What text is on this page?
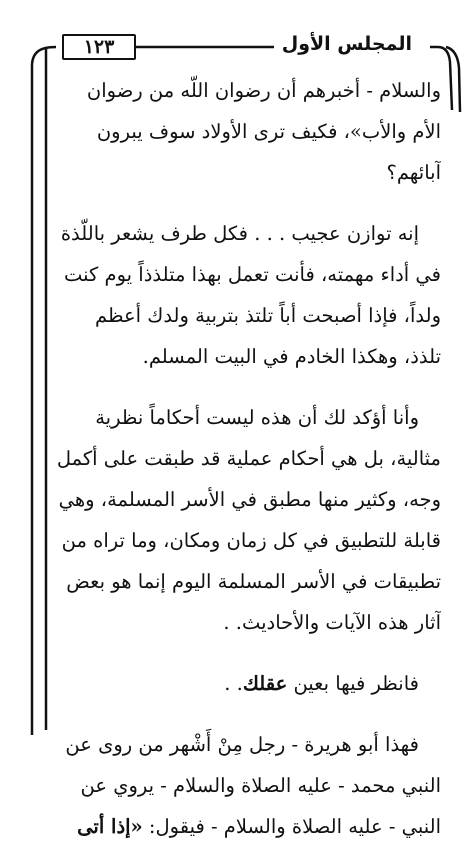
١٢٣	المجلس الأول
والسلام - أخبرهم أن رضوان اللّه من رضوان
الأم والأب»، فكيف ترى الأولاد سوف يبرون
آبائهم؟
إنه توازن عجيب . . . فكل طرف يشعر باللّذة
في أداء مهمته، فأنت تعمل بهذا متلذذاً يوم كنت
ولداً، فإذا أصبحت أباً تلتذ بتربية ولدك أعظم
تلذذ، وهكذا الخادم في البيت المسلم.
وأنا أؤكد لك أن هذه ليست أحكاماً نظرية
مثالية، بل هي أحكام عملية قد طبقت على أكمل
وجه، وكثير منها مطبق في الأسر المسلمة، وهي
قابلة للتطبيق في كل زمان ومكان، وما تراه من
تطبيقات في الأسر المسلمة اليوم إنما هو بعض
آثار هذه الآيات والأحاديث. .
فانظر فيها بعين عقلك. .
فهذا أبو هريرة - رجل مِنْ أَشْهر من روى عن
النبي محمد - عليه الصلاة والسلام - يروي عن
النبي - عليه الصلاة والسلام - فيقول: «إذا أتى
